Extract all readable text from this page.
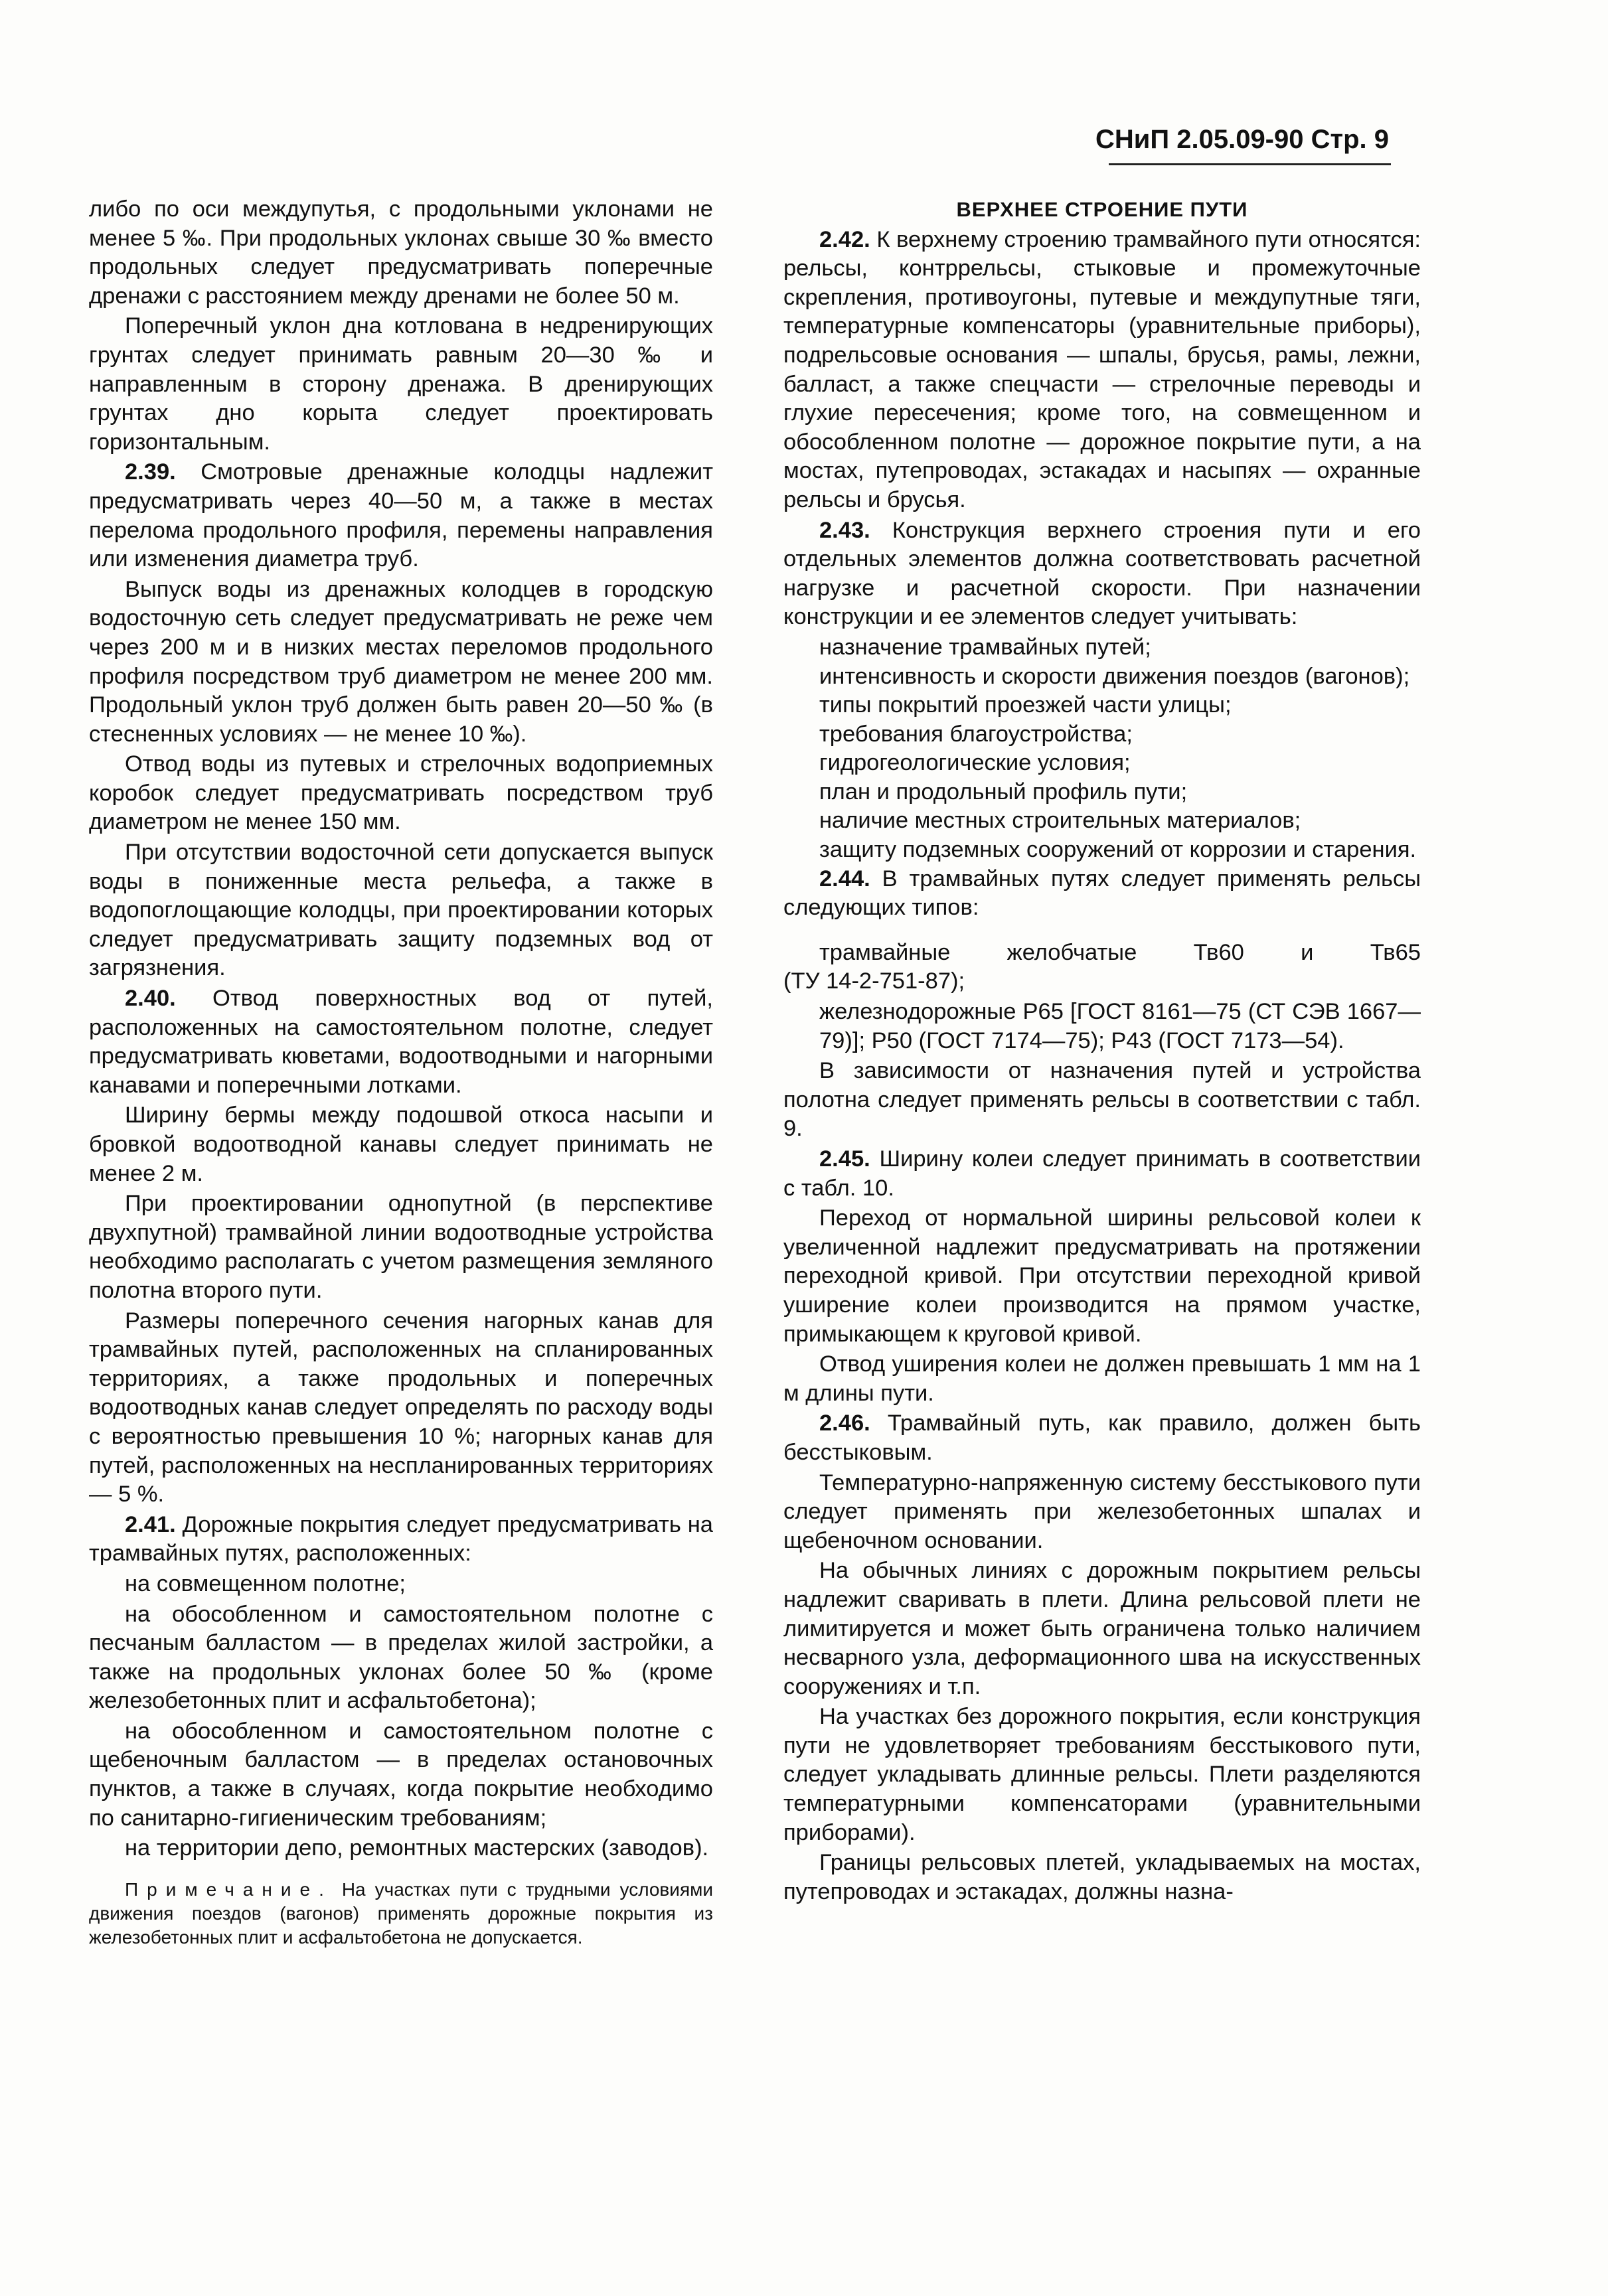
СНиП 2.05.09-90 Стр. 9

либо по оси междупутья, с продольными уклонами не менее 5 ‰. При продольных уклонах свыше 30 ‰ вместо продольных следует предусматривать поперечные дренажи с расстоянием между дренами не более 50 м.

Поперечный уклон дна котлована в недренирующих грунтах следует принимать равным 20—30 ‰ и направленным в сторону дренажа. В дренирующих грунтах дно корыта следует проектировать горизонтальным.

2.39. Смотровые дренажные колодцы надлежит предусматривать через 40—50 м, а также в местах перелома продольного профиля, перемены направления или изменения диаметра труб.

Выпуск воды из дренажных колодцев в городскую водосточную сеть следует предусматривать не реже чем через 200 м и в низких местах переломов продольного профиля посредством труб диаметром не менее 200 мм. Продольный уклон труб должен быть равен 20—50 ‰ (в стесненных условиях — не менее 10 ‰).

Отвод воды из путевых и стрелочных водоприемных коробок следует предусматривать посредством труб диаметром не менее 150 мм.

При отсутствии водосточной сети допускается выпуск воды в пониженные места рельефа, а также в водопоглощающие колодцы, при проектировании которых следует предусматривать защиту подземных вод от загрязнения.

2.40. Отвод поверхностных вод от путей, расположенных на самостоятельном полотне, следует предусматривать кюветами, водоотводными и нагорными канавами и поперечными лотками.

Ширину бермы между подошвой откоса насыпи и бровкой водоотводной канавы следует принимать не менее 2 м.

При проектировании однопутной (в перспективе двухпутной) трамвайной линии водоотводные устройства необходимо располагать с учетом размещения земляного полотна второго пути.

Размеры поперечного сечения нагорных канав для трамвайных путей, расположенных на спланированных территориях, а также продольных и поперечных водоотводных канав следует определять по расходу воды с вероятностью превышения 10 %; нагорных канав для путей, расположенных на неспланированных территориях — 5 %.

2.41. Дорожные покрытия следует предусматривать на трамвайных путях, расположенных:

на совмещенном полотне;

на обособленном и самостоятельном полотне с песчаным балластом — в пределах жилой застройки, а также на продольных уклонах более 50 ‰ (кроме железобетонных плит и асфальтобетона);

на обособленном и самостоятельном полотне с щебеночным балластом — в пределах остановочных пунктов, а также в случаях, когда покрытие необходимо по санитарно-гигиеническим требованиям;

на территории депо, ремонтных мастерских (заводов).

Примечание. На участках пути с трудными условиями движения поездов (вагонов) применять дорожные покрытия из железобетонных плит и асфальтобетона не допускается.

ВЕРХНЕЕ СТРОЕНИЕ ПУТИ

2.42. К верхнему строению трамвайного пути относятся: рельсы, контррельсы, стыковые и промежуточные скрепления, противоугоны, путевые и междупутные тяги, температурные компенсаторы (уравнительные приборы), подрельсовые основания — шпалы, брусья, рамы, лежни, балласт, а также спецчасти — стрелочные переводы и глухие пересечения; кроме того, на совмещенном и обособленном полотне — дорожное покрытие пути, а на мостах, путепроводах, эстакадах и насыпях — охранные рельсы и брусья.

2.43. Конструкция верхнего строения пути и его отдельных элементов должна соответствовать расчетной нагрузке и расчетной скорости. При назначении конструкции и ее элементов следует учитывать:

назначение трамвайных путей;

интенсивность и скорости движения поездов (вагонов);

типы покрытий проезжей части улицы;

требования благоустройства;

гидрогеологические условия;

план и продольный профиль пути;

наличие местных строительных материалов;

защиту подземных сооружений от коррозии и старения.

2.44. В трамвайных путях следует применять рельсы следующих типов:

трамвайные желобчатые Тв60 и Тв65

(ТУ 14-2-751-87);

железнодорожные Р65 [ГОСТ 8161—75 (СТ СЭВ 1667—79)]; Р50 (ГОСТ 7174—75); Р43 (ГОСТ 7173—54).

В зависимости от назначения путей и устройства полотна следует применять рельсы в соответствии с табл. 9.

2.45. Ширину колеи следует принимать в соответствии с табл. 10.

Переход от нормальной ширины рельсовой колеи к увеличенной надлежит предусматривать на протяжении переходной кривой. При отсутствии переходной кривой уширение колеи производится на прямом участке, примыкающем к круговой кривой.

Отвод уширения колеи не должен превышать 1 мм на 1 м длины пути.

2.46. Трамвайный путь, как правило, должен быть бесстыковым.

Температурно-напряженную систему бесстыкового пути следует применять при железобетонных шпалах и щебеночном основании.

На обычных линиях с дорожным покрытием рельсы надлежит сваривать в плети. Длина рельсовой плети не лимитируется и может быть ограничена только наличием несварного узла, деформационного шва на искусственных сооружениях и т.п.

На участках без дорожного покрытия, если конструкция пути не удовлетворяет требованиям бесстыкового пути, следует укладывать длинные рельсы. Плети разделяются температурными компенсаторами (уравнительными приборами).

Границы рельсовых плетей, укладываемых на мостах, путепроводах и эстакадах, должны назна-
